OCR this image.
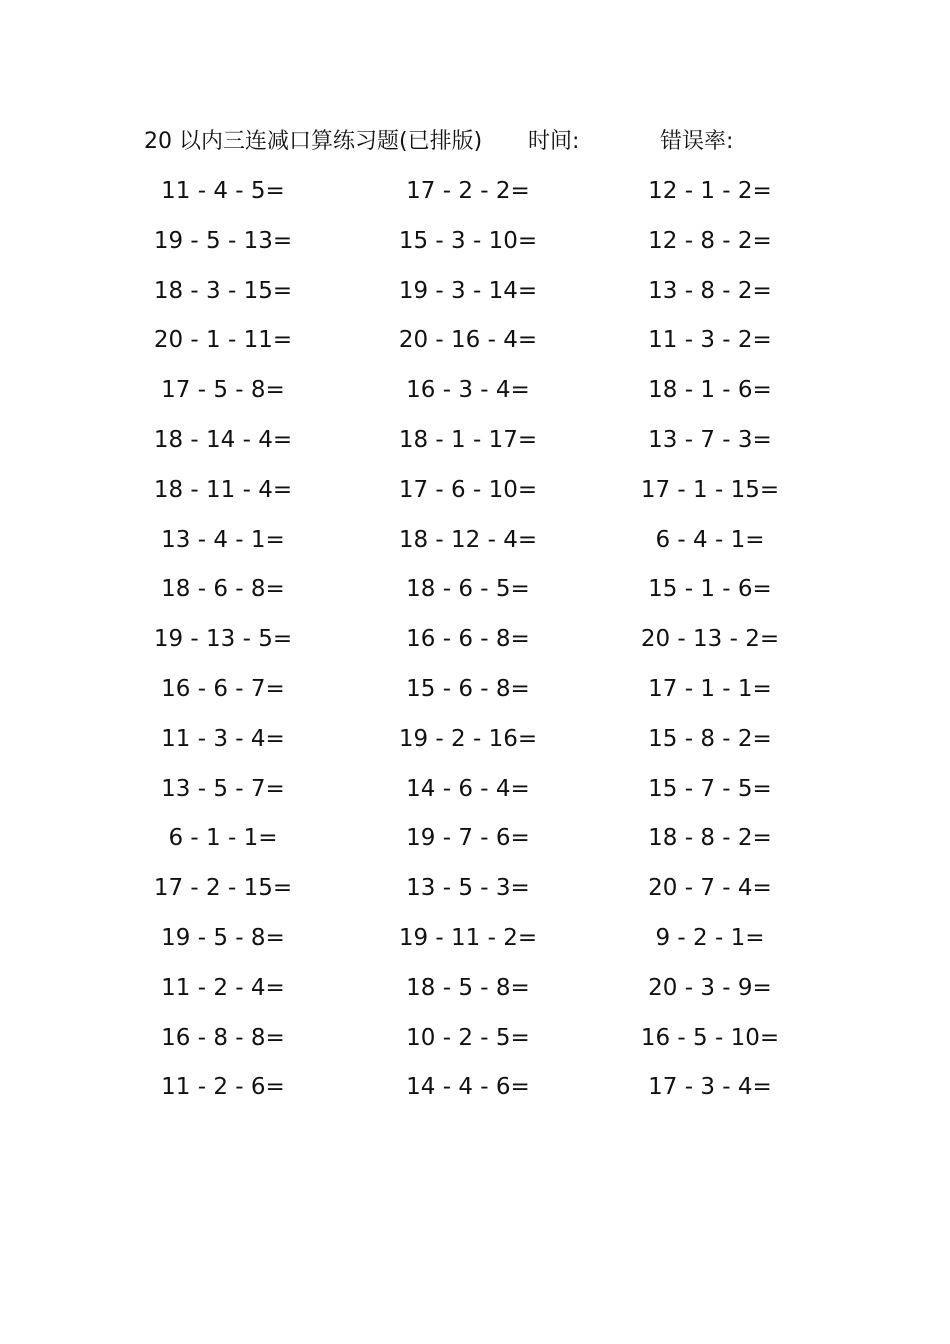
20 以内三连减口算练习题(已排版) 时间:	错误率:
11 - 4 - 5=	17 - 2 - 2=	12 - 1 - 2=
19 - 5 - 13=	15 - 3 - 10=	12 - 8 - 2=
18 - 3 - 15=	19 - 3 - 14=	13 - 8 - 2=
20 - 1 - 11=	20 - 16 - 4=	11 - 3 - 2=
17 - 5 - 8=	16 - 3 - 4=	18 - 1 - 6=
18 - 14 - 4=	18 - 1 - 17=	13 - 7 - 3=
18 - 11 - 4=	17 - 6 - 10=	17 - 1 - 15=
13 - 4 - 1=	18 - 12 - 4=	6 - 4 - 1=
18 - 6 - 8=	18 - 6 - 5=	15 - 1 - 6=
19 - 13 - 5=	16 - 6 - 8=	20 - 13 - 2=
16 - 6 - 7=	15 - 6 - 8=	17 - 1 - 1=
11 - 3 - 4=	19 - 2 - 16=	15 - 8 - 2=
13 - 5 - 7=	14 - 6 - 4=	15 - 7 - 5=
6 - 1 - 1=	19 - 7 - 6=	18 - 8 - 2=
17 - 2 - 15=	13 - 5 - 3=	20 - 7 - 4=
19 - 5 - 8=	19 - 11 - 2=	9 - 2 - 1=
11 - 2 - 4=	18 - 5 - 8=	20 - 3 - 9=
16 - 8 - 8=	10 - 2 - 5=	16 - 5 - 10=
11 - 2 - 6=	14 - 4 - 6=	17 - 3 - 4=
